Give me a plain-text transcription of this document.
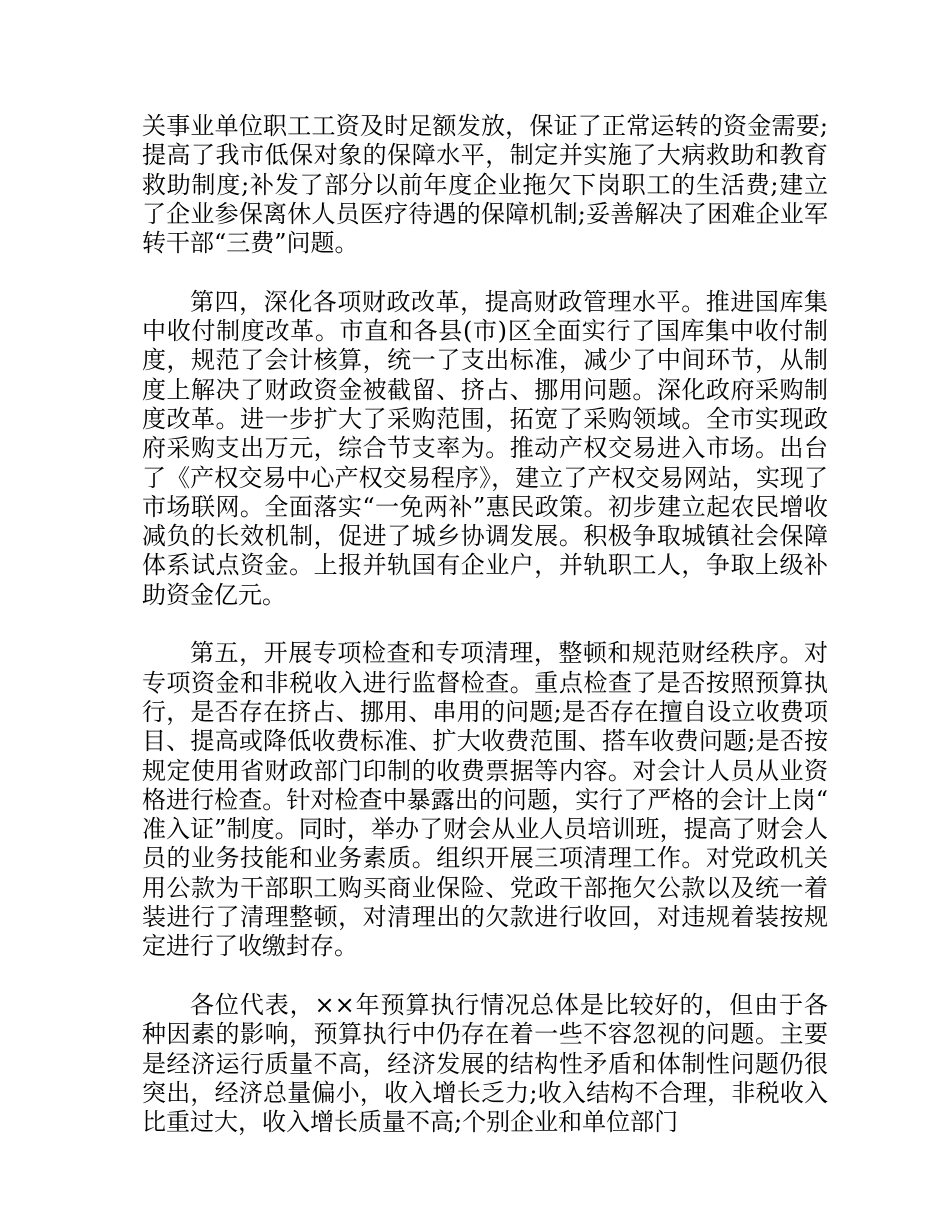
关事业单位职工工资及时足额发放，保证了正常运转的资金需要;提高了我市低保对象的保障水平，制定并实施了大病救助和教育救助制度;补发了部分以前年度企业拖欠下岗职工的生活费;建立了企业参保离休人员医疗待遇的保障机制;妥善解决了困难企业军转干部“三费”问题。

第四，深化各项财政改革，提高财政管理水平。推进国库集中收付制度改革。市直和各县(市)区全面实行了国库集中收付制度，规范了会计核算，统一了支出标准，减少了中间环节，从制度上解决了财政资金被截留、挤占、挪用问题。深化政府采购制度改革。进一步扩大了采购范围，拓宽了采购领域。全市实现政府采购支出万元，综合节支率为。推动产权交易进入市场。出台了《产权交易中心产权交易程序》，建立了产权交易网站，实现了市场联网。全面落实“一免两补”惠民政策。初步建立起农民增收减负的长效机制，促进了城乡协调发展。积极争取城镇社会保障体系试点资金。上报并轨国有企业户，并轨职工人，争取上级补助资金亿元。

第五，开展专项检查和专项清理，整顿和规范财经秩序。对专项资金和非税收入进行监督检查。重点检查了是否按照预算执行，是否存在挤占、挪用、串用的问题;是否存在擅自设立收费项目、提高或降低收费标准、扩大收费范围、搭车收费问题;是否按规定使用省财政部门印制的收费票据等内容。对会计人员从业资格进行检查。针对检查中暴露出的问题，实行了严格的会计上岗“准入证”制度。同时，举办了财会从业人员培训班，提高了财会人员的业务技能和业务素质。组织开展三项清理工作。对党政机关用公款为干部职工购买商业保险、党政干部拖欠公款以及统一着装进行了清理整顿，对清理出的欠款进行收回，对违规着装按规定进行了收缴封存。

各位代表，××年预算执行情况总体是比较好的，但由于各种因素的影响，预算执行中仍存在着一些不容忽视的问题。主要是经济运行质量不高，经济发展的结构性矛盾和体制性问题仍很突出，经济总量偏小，收入增长乏力;收入结构不合理，非税收入比重过大，收入增长质量不高;个别企业和单位部门
